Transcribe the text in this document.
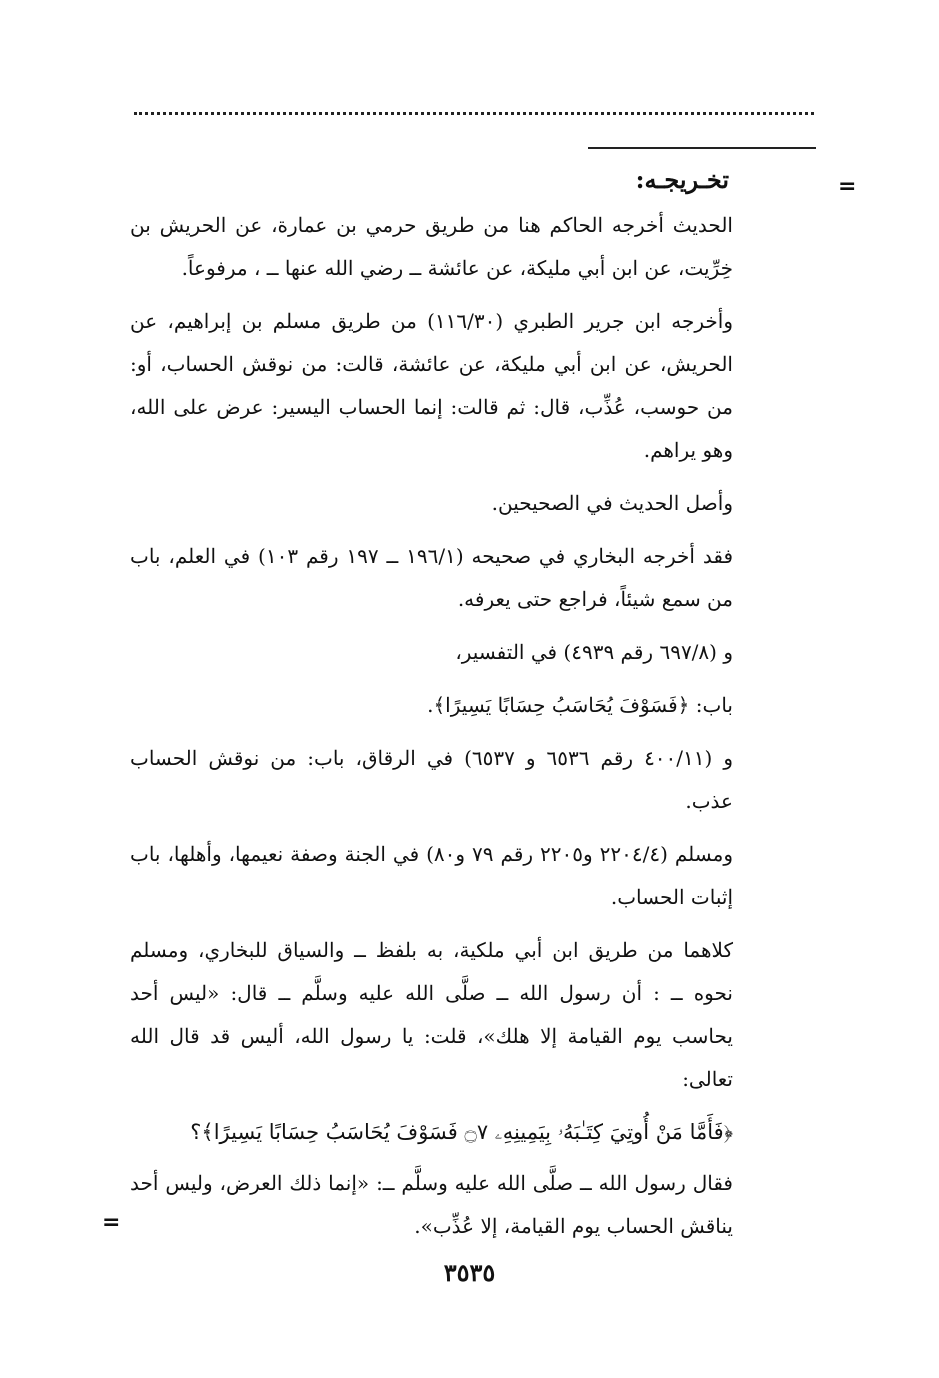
=
=
تخـريجـه:

الحديث أخرجه الحاكم هنا من طريق حرمي بن عمارة، عن الحريش بن خِرِّيت، عن ابن أبي مليكة، عن عائشة ــ رضي الله عنها ــ ، مرفوعاً.

وأخرجه ابن جرير الطبري (١١٦/٣٠) من طريق مسلم بن إبراهيم، عن الحريش، عن ابن أبي مليكة، عن عائشة، قالت: من نوقش الحساب، أو: من حوسب، عُذِّب، قال: ثم قالت: إنما الحساب اليسير: عرض على الله، وهو يراهم.

وأصل الحديث في الصحيحين.

فقد أخرجه البخاري في صحيحه (١٩٦/١ ــ ١٩٧ رقم ١٠٣) في العلم، باب من سمع شيئاً، فراجع حتى يعرفه.

و (٦٩٧/٨ رقم ٤٩٣٩) في التفسير،

باب: ﴿فَسَوْفَ يُحَاسَبُ حِسَابًا يَسِيرًا﴾.

و (٤٠٠/١١ رقم ٦٥٣٦ و ٦٥٣٧) في الرقاق، باب: من نوقش الحساب عذب.

ومسلم (٢٢٠٤/٤ و٢٢٠٥ رقم ٧٩ و٨٠) في الجنة وصفة نعيمها، وأهلها، باب إثبات الحساب.

كلاهما من طريق ابن أبي ملكية، به بلفظ ــ والسياق للبخاري، ومسلم نحوه ــ : أن رسول الله ــ صلَّى الله عليه وسلَّم ــ قال: «ليس أحد يحاسب يوم القيامة إلا هلك»، قلت: يا رسول الله، أليس قد قال الله تعالى:

﴿فَأَمَّا مَنْ أُوتِيَ كِتَـٰبَهُۥ بِيَمِينِهِۦ ۝٧ فَسَوْفَ يُحَاسَبُ حِسَابًا يَسِيرًا﴾؟

فقال رسول الله ــ صلَّى الله عليه وسلَّم ــ: «إنما ذلك العرض، وليس أحد يناقش الحساب يوم القيامة، إلا عُذِّب».

٣٥٣٥
